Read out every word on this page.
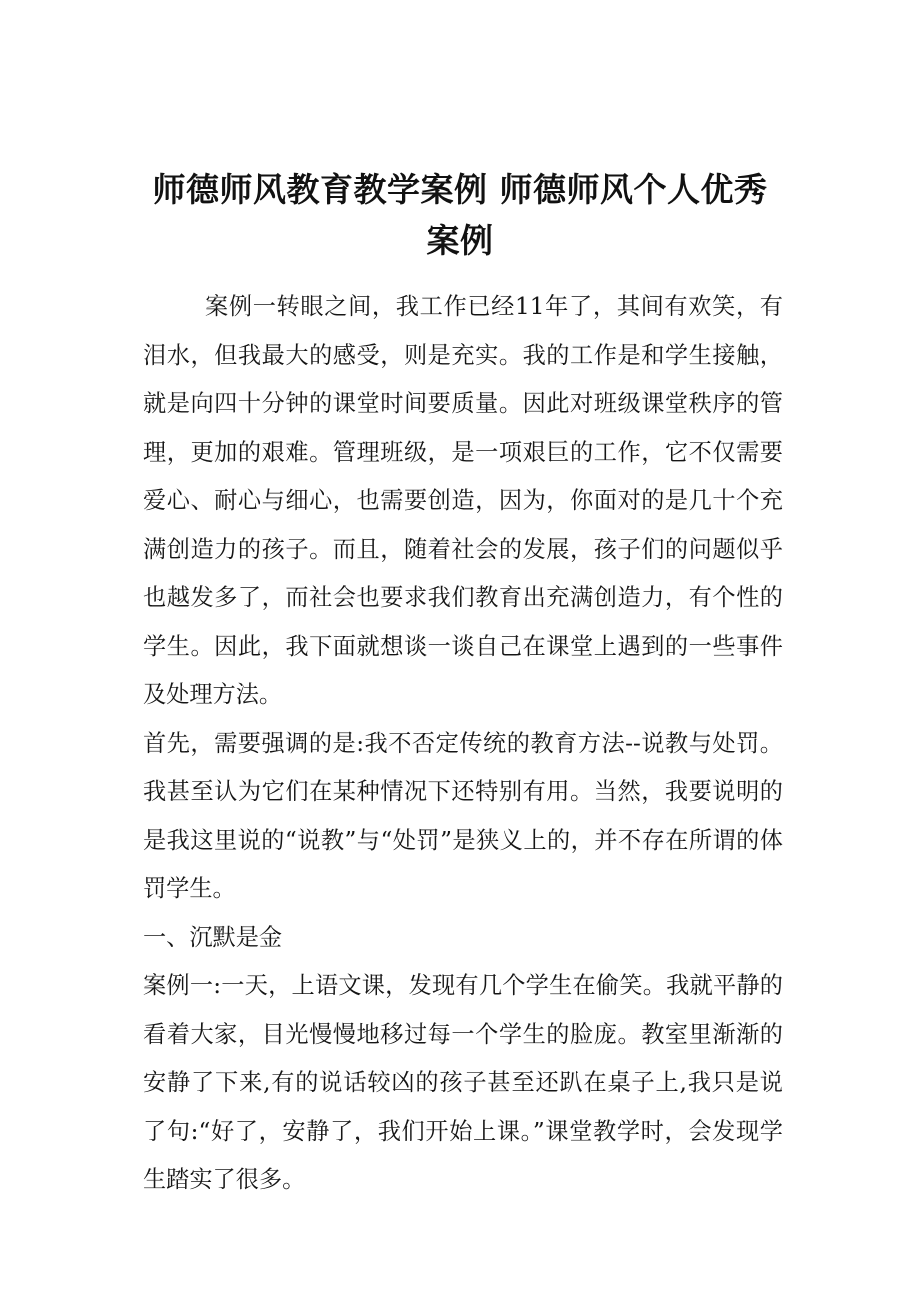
师德师风教育教学案例 师德师风个人优秀
案例

案例一转眼之间，我工作已经11年了，其间有欢笑，有泪水，但我最大的感受，则是充实。我的工作是和学生接触，就是向四十分钟的课堂时间要质量。因此对班级课堂秩序的管理，更加的艰难。管理班级，是一项艰巨的工作，它不仅需要爱心、耐心与细心，也需要创造，因为，你面对的是几十个充满创造力的孩子。而且，随着社会的发展，孩子们的问题似乎也越发多了，而社会也要求我们教育出充满创造力，有个性的学生。因此，我下面就想谈一谈自己在课堂上遇到的一些事件及处理方法。

首先，需要强调的是:我不否定传统的教育方法--说教与处罚。我甚至认为它们在某种情况下还特别有用。当然，我要说明的是我这里说的“说教”与“处罚”是狭义上的，并不存在所谓的体罚学生。

一、沉默是金

案例一:一天，上语文课，发现有几个学生在偷笑。我就平静的看着大家，目光慢慢地移过每一个学生的脸庞。教室里渐渐的安静了下来,有的说话较凶的孩子甚至还趴在桌子上,我只是说了句:“好了，安静了，我们开始上课。”课堂教学时，会发现学生踏实了很多。
